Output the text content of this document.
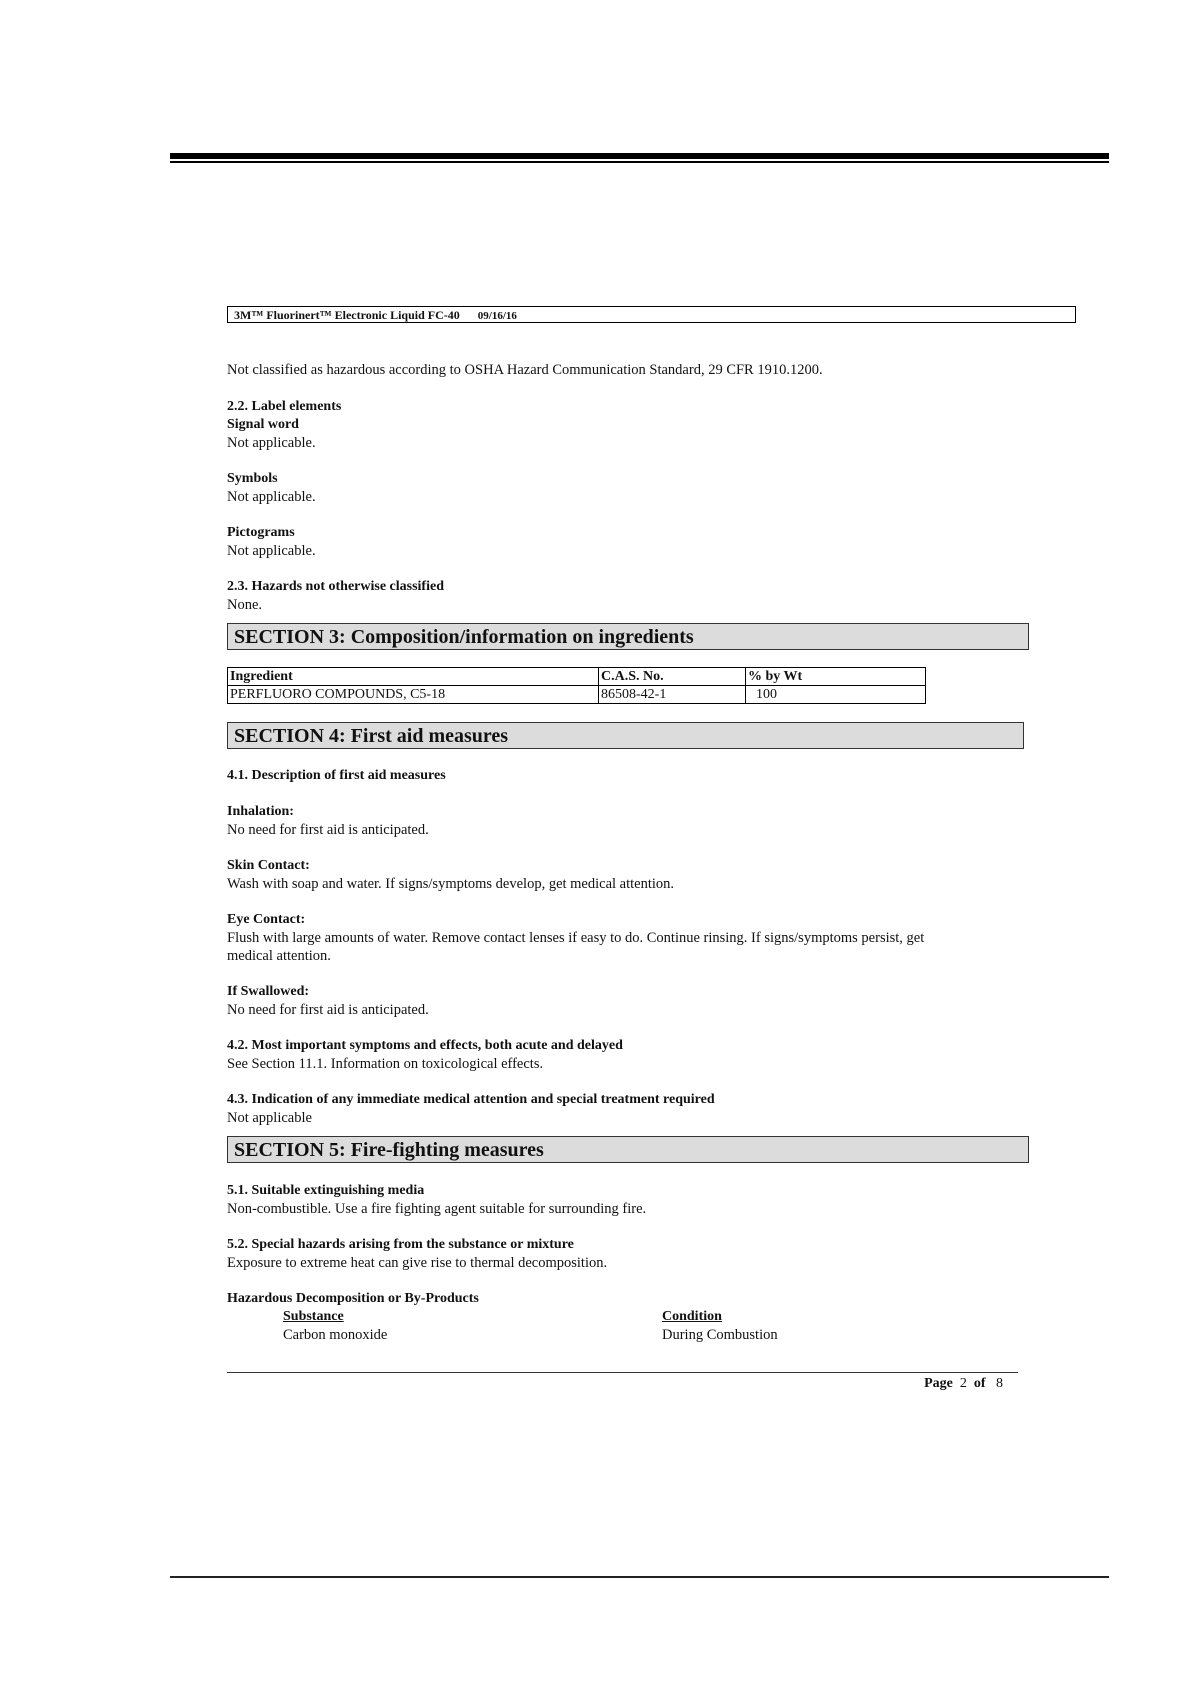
3M™ Fluorinert™ Electronic Liquid FC-40 09/16/16

Not classified as hazardous according to OSHA Hazard Communication Standard, 29 CFR 1910.1200.

2.2. Label elements

Signal word

Not applicable.

Symbols

Not applicable.

Pictograms

Not applicable.

2.3. Hazards not otherwise classified

None.

SECTION 3: Composition/information on ingredients
Ingredient	C.A.S. No.	% by Wt
PERFLUORO COMPOUNDS, C5-18	86508-42-1	100
SECTION 4: First aid measures

4.1. Description of first aid measures

Inhalation:

No need for first aid is anticipated.

Skin Contact:

Wash with soap and water. If signs/symptoms develop, get medical attention.

Eye Contact:

Flush with large amounts of water. Remove contact lenses if easy to do. Continue rinsing. If signs/symptoms persist, get

medical attention.

If Swallowed:

No need for first aid is anticipated.

4.2. Most important symptoms and effects, both acute and delayed

See Section 11.1. Information on toxicological effects.

4.3. Indication of any immediate medical attention and special treatment required

Not applicable

SECTION 5: Fire-fighting measures

5.1. Suitable extinguishing media

Non-combustible. Use a fire fighting agent suitable for surrounding fire.

5.2. Special hazards arising from the substance or mixture

Exposure to extreme heat can give rise to thermal decomposition.

Hazardous Decomposition or By-Products

Substance	Condition

Carbon monoxide	During Combustion

Page 2 of 8
